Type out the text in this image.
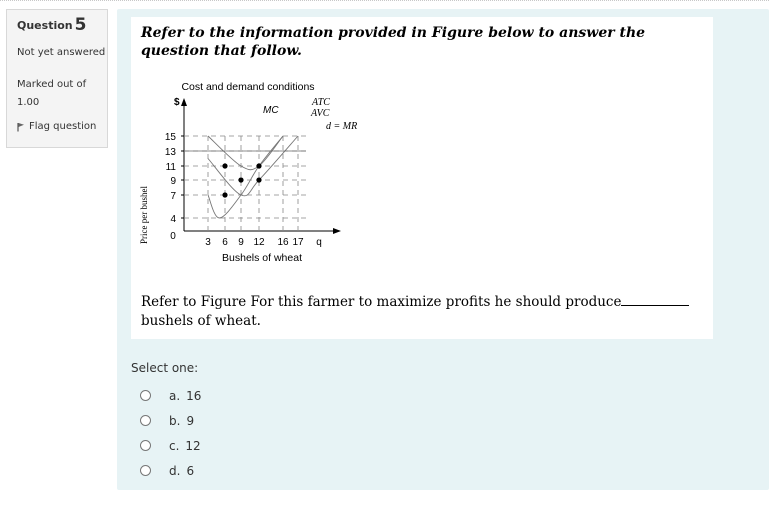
Question 5
Not yet answered
Marked out of 1.00
Flag question
Refer to the information provided in Figure below to answer the question that follow.
Cost and demand conditions
$
Price per bushel
Bushels of wheat
0
15
13
11
9
7
4
3 6 9 12 16 17 q
MC
ATC
AVC
d = MR
Refer to Figure For this farmer to maximize profits he should produce
bushels of wheat.
Select one:
a. 16
b. 9
c. 12
d. 6
